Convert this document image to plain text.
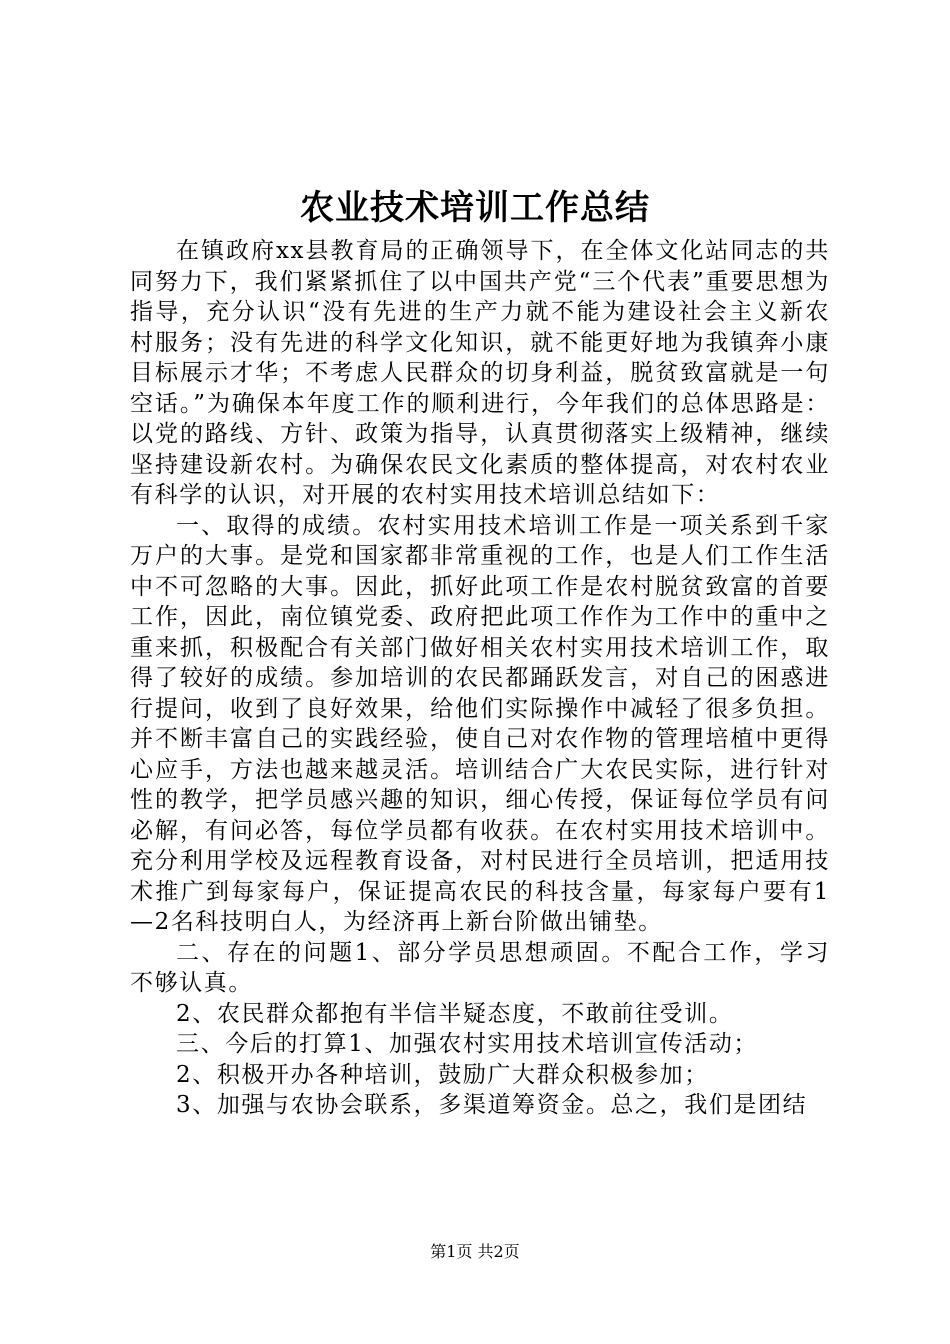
农业技术培训工作总结

在镇政府xx县教育局的正确领导下，在全体文化站同志的共同努力下，我们紧紧抓住了以中国共产党“三个代表”重要思想为指导，充分认识“没有先进的生产力就不能为建设社会主义新农村服务；没有先进的科学文化知识，就不能更好地为我镇奔小康目标展示才华；不考虑人民群众的切身利益，脱贫致富就是一句空话。”为确保本年度工作的顺利进行，今年我们的总体思路是：以党的路线、方针、政策为指导，认真贯彻落实上级精神，继续坚持建设新农村。为确保农民文化素质的整体提高，对农村农业有科学的认识，对开展的农村实用技术培训总结如下：

一、取得的成绩。农村实用技术培训工作是一项关系到千家万户的大事。是党和国家都非常重视的工作，也是人们工作生活中不可忽略的大事。因此，抓好此项工作是农村脱贫致富的首要工作，因此，南位镇党委、政府把此项工作作为工作中的重中之重来抓，积极配合有关部门做好相关农村实用技术培训工作，取得了较好的成绩。参加培训的农民都踊跃发言，对自己的困惑进行提问，收到了良好效果，给他们实际操作中减轻了很多负担。并不断丰富自己的实践经验，使自己对农作物的管理培植中更得心应手，方法也越来越灵活。培训结合广大农民实际，进行针对性的教学，把学员感兴趣的知识，细心传授，保证每位学员有问必解，有问必答，每位学员都有收获。在农村实用技术培训中。充分利用学校及远程教育设备，对村民进行全员培训，把适用技术推广到每家每户，保证提高农民的科技含量，每家每户要有1—2名科技明白人，为经济再上新台阶做出铺垫。

二、存在的问题1、部分学员思想顽固。不配合工作，学习不够认真。

2、农民群众都抱有半信半疑态度，不敢前往受训。

三、今后的打算1、加强农村实用技术培训宣传活动；

2、积极开办各种培训，鼓励广大群众积极参加；

3、加强与农协会联系，多渠道筹资金。总之，我们是团结

第1页 共2页
